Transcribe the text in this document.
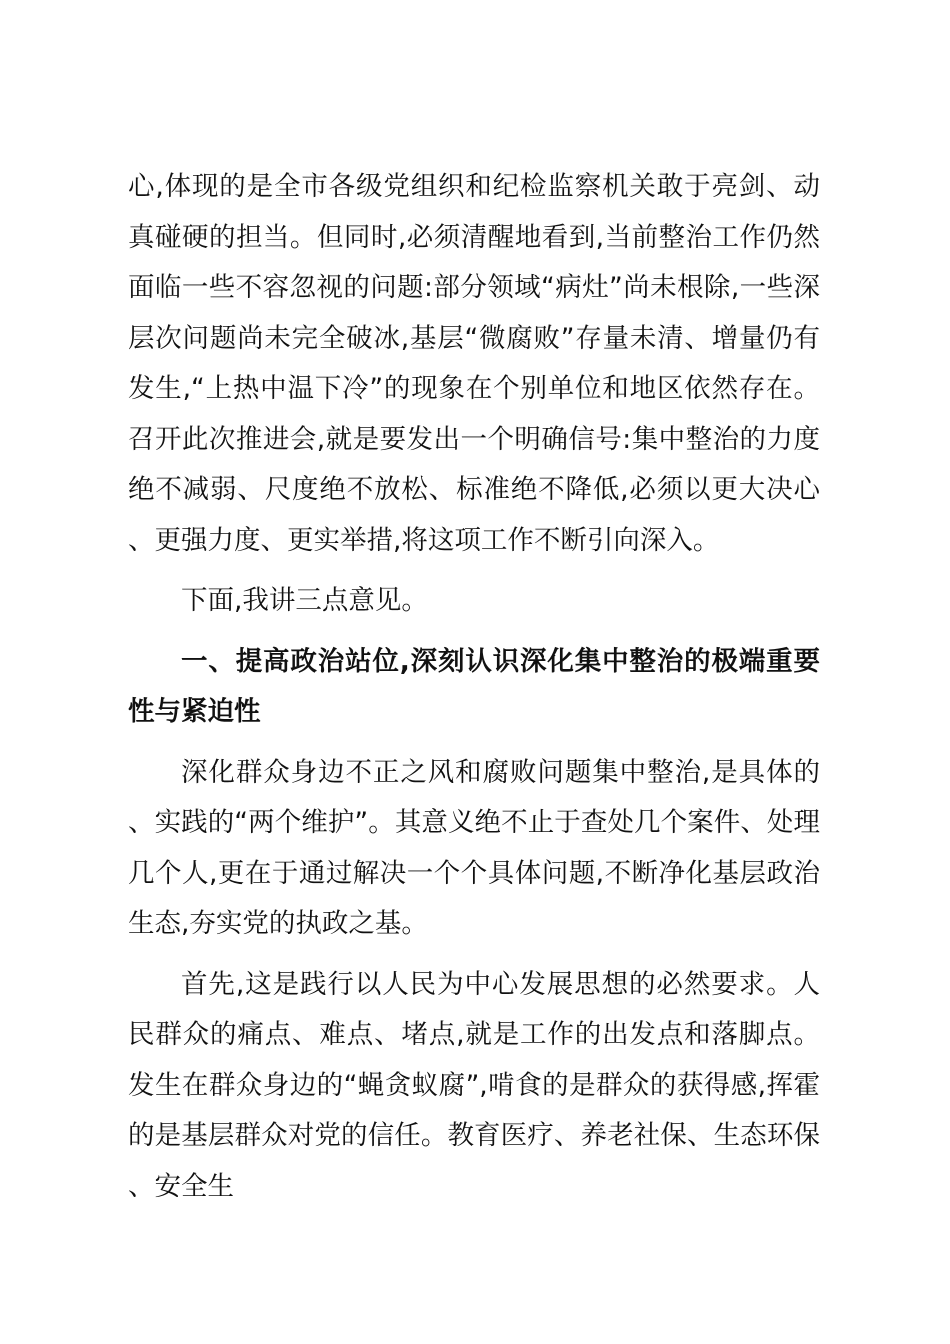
心,体现的是全市各级党组织和纪检监察机关敢于亮剑、动真碰硬的担当。但同时,必须清醒地看到,当前整治工作仍然面临一些不容忽视的问题:部分领域“病灶”尚未根除,一些深层次问题尚未完全破冰,基层“微腐败”存量未清、增量仍有发生,“上热中温下冷”的现象在个别单位和地区依然存在。召开此次推进会,就是要发出一个明确信号:集中整治的力度绝不减弱、尺度绝不放松、标准绝不降低,必须以更大决心、更强力度、更实举措,将这项工作不断引向深入。

下面,我讲三点意见。

一、提高政治站位,深刻认识深化集中整治的极端重要性与紧迫性

深化群众身边不正之风和腐败问题集中整治,是具体的、实践的“两个维护”。其意义绝不止于查处几个案件、处理几个人,更在于通过解决一个个具体问题,不断净化基层政治生态,夯实党的执政之基。

首先,这是践行以人民为中心发展思想的必然要求。人民群众的痛点、难点、堵点,就是工作的出发点和落脚点。发生在群众身边的“蝇贪蚁腐”,啃食的是群众的获得感,挥霍的是基层群众对党的信任。教育医疗、养老社保、生态环保、安全生
